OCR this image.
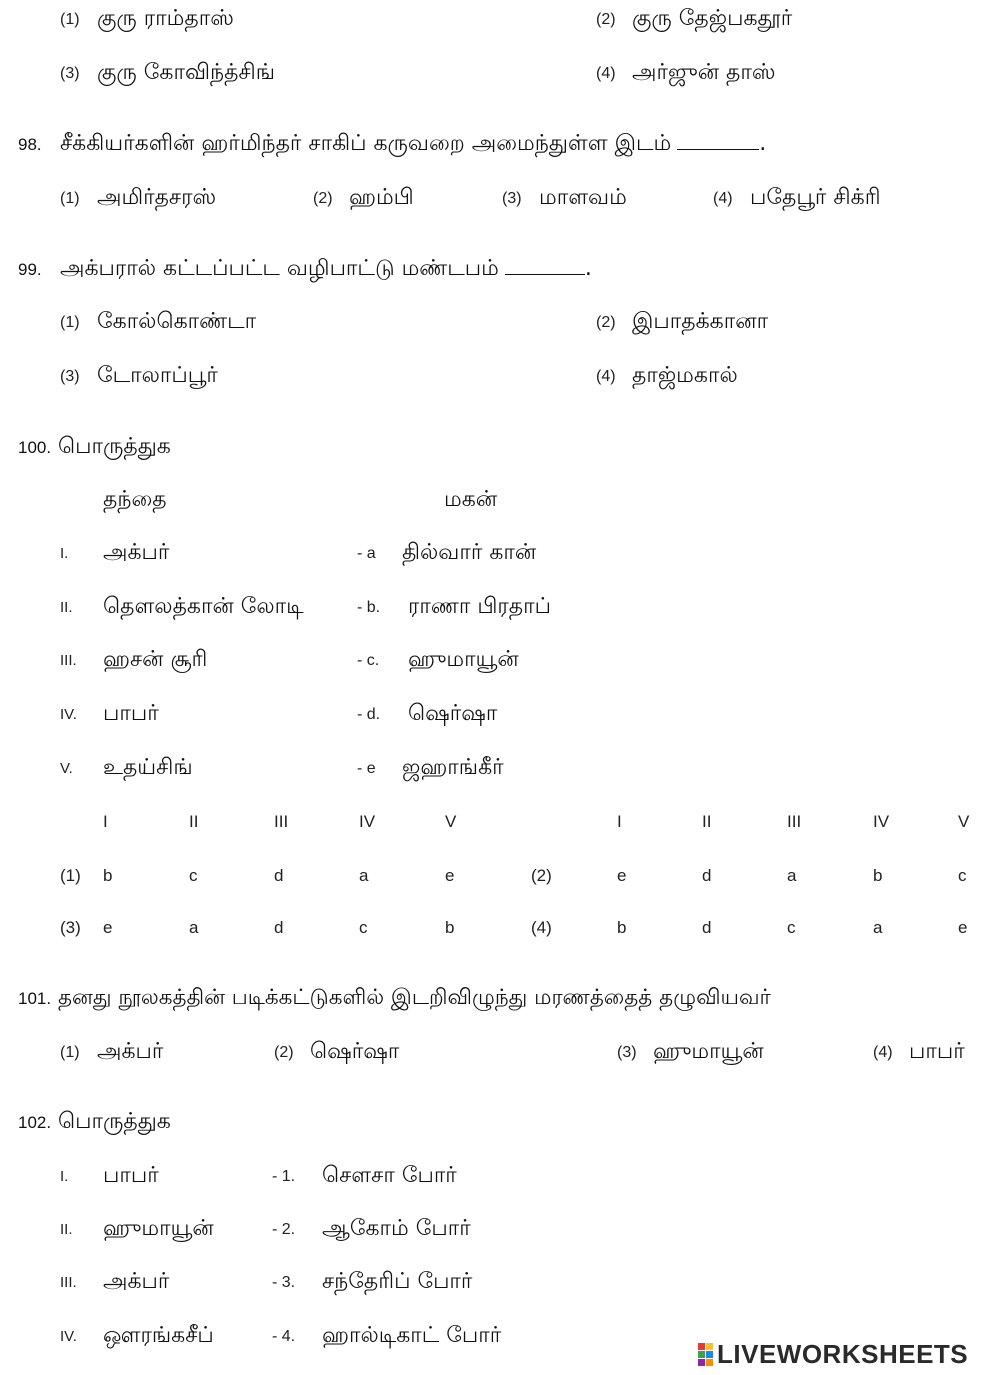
(1) குரு ராம்தாஸ்	(2) குரு தேஜ்பகதூர்
(3) குரு கோவிந்த்சிங்	(4) அர்ஜுன் தாஸ்
98. சீக்கியர்களின் ஹர்மிந்தர் சாகிப் கருவறை அமைந்துள்ள இடம்	.
(1) அமிர்தசரஸ்	(2) ஹம்பி	(3) மாளவம்	(4) பதேபூர் சிக்ரி
99. அக்பரால் கட்டப்பட்ட வழிபாட்டு மண்டபம்	.
(1) கோல்கொண்டா	(2) இபாதக்கானா
(3) டோலாப்பூர்	(4) தாஜ்மகால்
100. பொருத்துக
தந்தை	மகன்
I. அக்பர்	- a தில்வார் கான்
II. தௌலத்கான் லோடி	- b. ராணா பிரதாப்
III. ஹசன் சூரி	- c. ஹுமாயூன்
IV. பாபர்	- d. ஷெர்ஷா
V. உதய்சிங்	- e ஜஹாங்கீர்
I	II	III	IV	V	I	II	III	IV	V
(1) b	c	d	a	e	(2)	e	d	a	b	c
(3) e	a	d	c	b	(4)	b	d	c	a	e
101. தனது நூலகத்தின் படிக்கட்டுகளில் இடறிவிழுந்து மரணத்தைத் தழுவியவர்
(1) அக்பர்	(2) ஷெர்ஷா	(3) ஹுமாயூன்	(4) பாபர்
102. பொருத்துக
I. பாபர்	- 1. சௌசா போர்
II. ஹுமாயூன்	- 2. ஆகோம் போர்
III. அக்பர்	- 3. சந்தேரிப் போர்
IV. ஔரங்கசீப்	- 4. ஹால்டிகாட் போர்
LIVEWORKSHEETS
